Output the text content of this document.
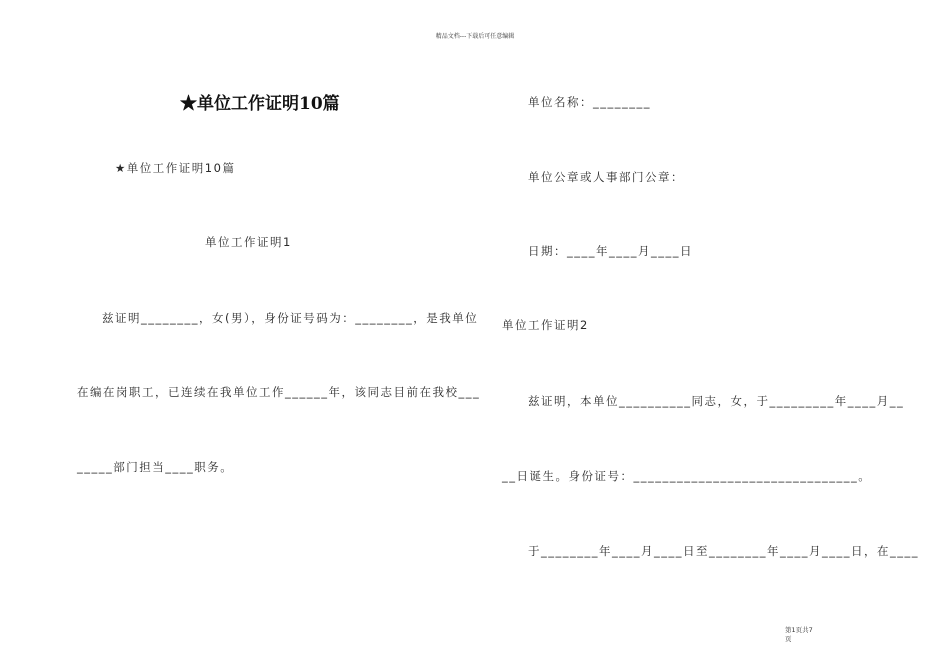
精品文档---下载后可任意编辑
★单位工作证明10篇
★单位工作证明10篇
单位工作证明1
兹证明________，女(男），身份证号码为：________，是我单位
在编在岗职工，已连续在我单位工作______年，该同志目前在我校___
_____部门担当____职务。
单位名称：________
单位公章或人事部门公章：
日期：____年____月____日
单位工作证明2
兹证明，本单位__________同志，女，于_________年____月__
__日诞生。身份证号：_______________________________。
于________年____月____日至________年____月____日，在____
第1页共7
页
